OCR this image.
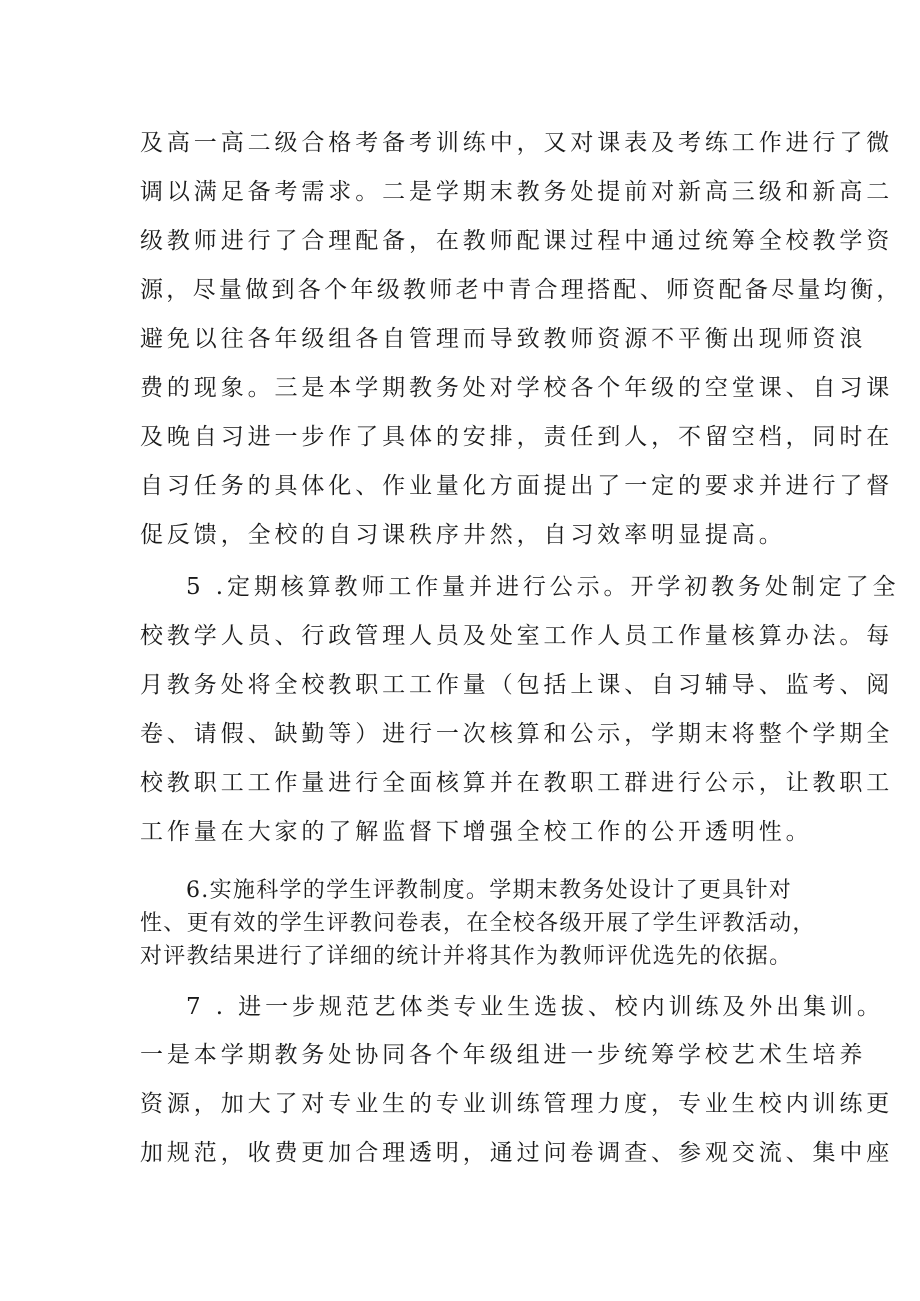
及高一高二级合格考备考训练中，又对课表及考练工作进行了微
调以满足备考需求。二是学期末教务处提前对新高三级和新高二
级教师进行了合理配备，在教师配课过程中通过统筹全校教学资
源，尽量做到各个年级教师老中青合理搭配、师资配备尽量均衡，
避免以往各年级组各自管理而导致教师资源不平衡出现师资浪
费的现象。三是本学期教务处对学校各个年级的空堂课、自习课
及晚自习进一步作了具体的安排，责任到人，不留空档，同时在
自习任务的具体化、作业量化方面提出了一定的要求并进行了督
促反馈，全校的自习课秩序井然，自习效率明显提高。
5 .定期核算教师工作量并进行公示。开学初教务处制定了全
校教学人员、行政管理人员及处室工作人员工作量核算办法。每
月教务处将全校教职工工作量（包括上课、自习辅导、监考、阅
卷、请假、缺勤等）进行一次核算和公示，学期末将整个学期全
校教职工工作量进行全面核算并在教职工群进行公示，让教职工
工作量在大家的了解监督下增强全校工作的公开透明性。
6.实施科学的学生评教制度。学期末教务处设计了更具针对
性、更有效的学生评教问卷表，在全校各级开展了学生评教活动，
对评教结果进行了详细的统计并将其作为教师评优选先的依据。
7 . 进一步规范艺体类专业生选拔、校内训练及外出集训。
一是本学期教务处协同各个年级组进一步统筹学校艺术生培养
资源，加大了对专业生的专业训练管理力度，专业生校内训练更
加规范，收费更加合理透明，通过问卷调查、参观交流、集中座
